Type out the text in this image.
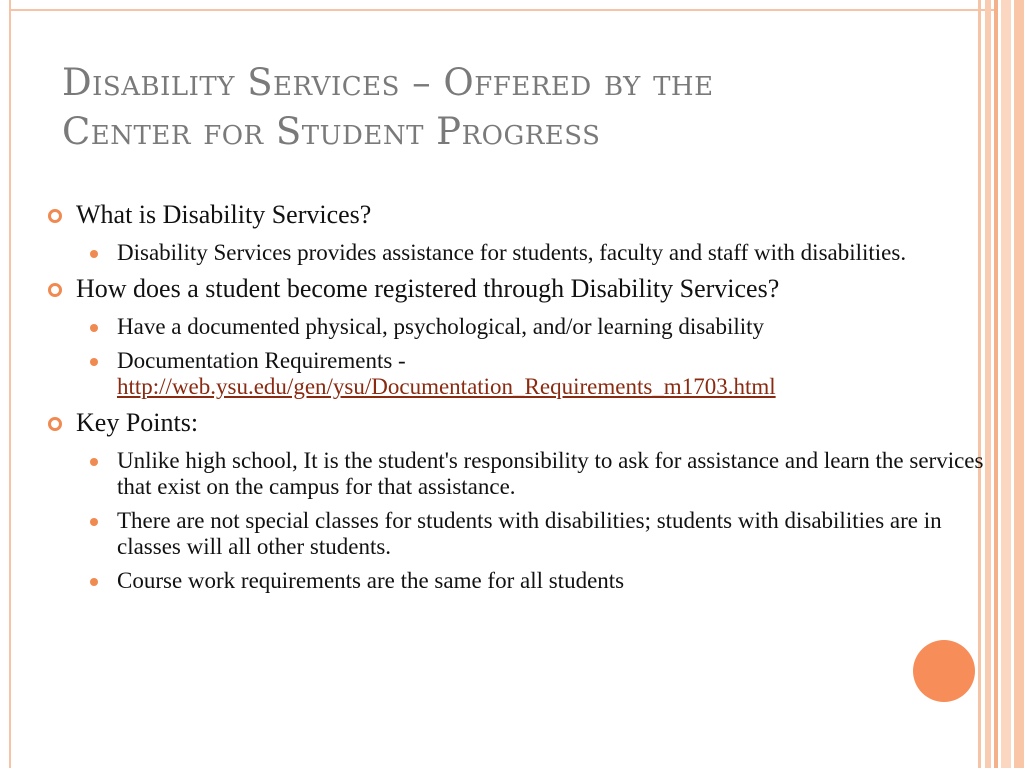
Disability Services – Offered by the
Center for Student Progress
What is Disability Services?
Disability Services provides assistance for students, faculty and staff with disabilities.
How does a student become registered through Disability Services?
Have a documented physical, psychological, and/or learning disability
Documentation Requirements -
http://web.ysu.edu/gen/ysu/Documentation_Requirements_m1703.html
Key Points:
Unlike high school, It is the student's responsibility to ask for assistance and learn the services that exist on the campus for that assistance.
There are not special classes for students with disabilities; students with disabilities are in classes will all other students.
Course work requirements are the same for all students
